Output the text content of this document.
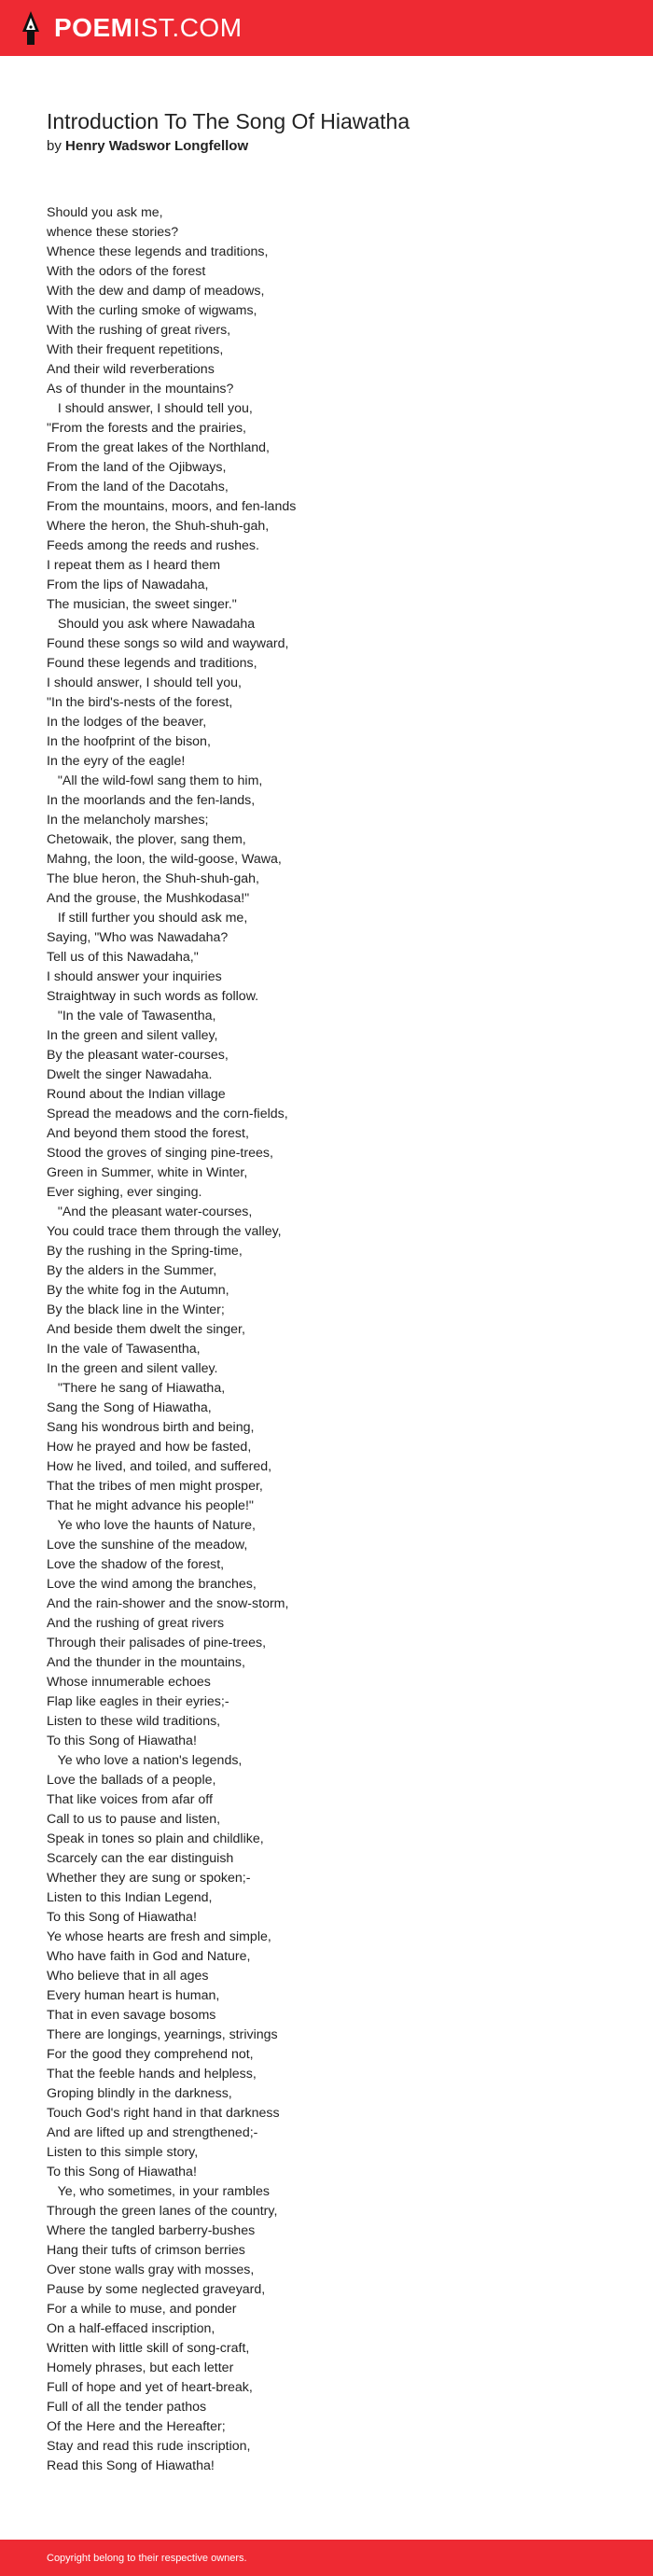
POEMIST.COM
Introduction To The Song Of Hiawatha
by Henry Wadswor Longfellow
Should you ask me,
whence these stories?
Whence these legends and traditions,
With the odors of the forest
With the dew and damp of meadows,
With the curling smoke of wigwams,
With the rushing of great rivers,
With their frequent repetitions,
And their wild reverberations
As of thunder in the mountains?
I should answer, I should tell you,
"From the forests and the prairies,
From the great lakes of the Northland,
From the land of the Ojibways,
From the land of the Dacotahs,
From the mountains, moors, and fen-lands
Where the heron, the Shuh-shuh-gah,
Feeds among the reeds and rushes.
I repeat them as I heard them
From the lips of Nawadaha,
The musician, the sweet singer."
Should you ask where Nawadaha
Found these songs so wild and wayward,
Found these legends and traditions,
I should answer, I should tell you,
"In the bird's-nests of the forest,
In the lodges of the beaver,
In the hoofprint of the bison,
In the eyry of the eagle!
"All the wild-fowl sang them to him,
In the moorlands and the fen-lands,
In the melancholy marshes;
Chetowaik, the plover, sang them,
Mahng, the loon, the wild-goose, Wawa,
The blue heron, the Shuh-shuh-gah,
And the grouse, the Mushkodasa!"
If still further you should ask me,
Saying, "Who was Nawadaha?
Tell us of this Nawadaha,"
I should answer your inquiries
Straightway in such words as follow.
"In the vale of Tawasentha,
In the green and silent valley,
By the pleasant water-courses,
Dwelt the singer Nawadaha.
Round about the Indian village
Spread the meadows and the corn-fields,
And beyond them stood the forest,
Stood the groves of singing pine-trees,
Green in Summer, white in Winter,
Ever sighing, ever singing.
"And the pleasant water-courses,
You could trace them through the valley,
By the rushing in the Spring-time,
By the alders in the Summer,
By the white fog in the Autumn,
By the black line in the Winter;
And beside them dwelt the singer,
In the vale of Tawasentha,
In the green and silent valley.
"There he sang of Hiawatha,
Sang the Song of Hiawatha,
Sang his wondrous birth and being,
How he prayed and how be fasted,
How he lived, and toiled, and suffered,
That the tribes of men might prosper,
That he might advance his people!"
Ye who love the haunts of Nature,
Love the sunshine of the meadow,
Love the shadow of the forest,
Love the wind among the branches,
And the rain-shower and the snow-storm,
And the rushing of great rivers
Through their palisades of pine-trees,
And the thunder in the mountains,
Whose innumerable echoes
Flap like eagles in their eyries;-
Listen to these wild traditions,
To this Song of Hiawatha!
Ye who love a nation's legends,
Love the ballads of a people,
That like voices from afar off
Call to us to pause and listen,
Speak in tones so plain and childlike,
Scarcely can the ear distinguish
Whether they are sung or spoken;-
Listen to this Indian Legend,
To this Song of Hiawatha!
Ye whose hearts are fresh and simple,
Who have faith in God and Nature,
Who believe that in all ages
Every human heart is human,
That in even savage bosoms
There are longings, yearnings, strivings
For the good they comprehend not,
That the feeble hands and helpless,
Groping blindly in the darkness,
Touch God's right hand in that darkness
And are lifted up and strengthened;-
Listen to this simple story,
To this Song of Hiawatha!
Ye, who sometimes, in your rambles
Through the green lanes of the country,
Where the tangled barberry-bushes
Hang their tufts of crimson berries
Over stone walls gray with mosses,
Pause by some neglected graveyard,
For a while to muse, and ponder
On a half-effaced inscription,
Written with little skill of song-craft,
Homely phrases, but each letter
Full of hope and yet of heart-break,
Full of all the tender pathos
Of the Here and the Hereafter;
Stay and read this rude inscription,
Read this Song of Hiawatha!
Copyright belong to their respective owners.
